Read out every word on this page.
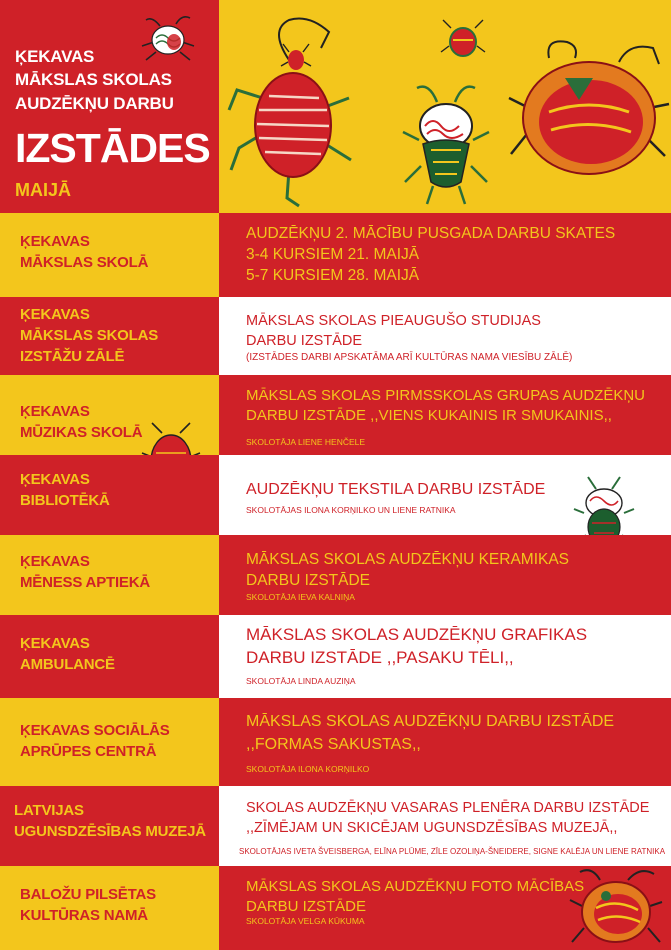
ĶEKAVAS
MĀKSLAS SKOLAS
AUDZĒKŅU DARBU
IZSTĀDES
MAIJĀ
ĶEKAVAS
MĀKSLAS SKOLĀ
AUDZĒKŅU 2. MĀCĪBU PUSGADA DARBU SKATES
3-4 KURSIEM 21. MAIJĀ
5-7 KURSIEM 28. MAIJĀ
ĶEKAVAS
MĀKSLAS SKOLAS
IZSTĀŽU ZĀLĒ
MĀKSLAS SKOLAS PIEAUGUŠO STUDIJAS
DARBU IZSTĀDE
(IZSTĀDES DARBI APSKATĀMA ARĪ KULTŪRAS NAMA VIESĪBU ZĀLĒ)
ĶEKAVAS
MŪZIKAS SKOLĀ
MĀKSLAS SKOLAS PIRMSSKOLAS GRUPAS AUDZĒKŅU
DARBU IZSTĀDE ,,VIENS KUKAINIS IR SMUKAINIS,,
SKOLOTĀJA LIENE HENČELE
ĶEKAVAS
BIBLIOTĒKĀ
AUDZĒKŅU TEKSTILA DARBU IZSTĀDE
SKOLOTĀJAS ILONA KORŅILKO UN LIENE RATNIKA
ĶEKAVAS
MĒNESS APTIEKĀ
MĀKSLAS SKOLAS AUDZĒKŅU KERAMIKAS
DARBU IZSTĀDE
SKOLOTĀJA IEVA KALNIŅA
ĶEKAVAS
AMBULANCĒ
MĀKSLAS SKOLAS AUDZĒKŅU GRAFIKAS
DARBU IZSTĀDE ,,PASAKU TĒLI,,
SKOLOTĀJA LINDA AUZIŅA
ĶEKAVAS SOCIĀLĀS
APRŪPES CENTRĀ
MĀKSLAS SKOLAS AUDZĒKŅU DARBU IZSTĀDE
,,FORMAS SAKUSTAS,,
SKOLOTĀJA ILONA KORŅILKO
LATVIJAS
UGUNSDZĒSĪBAS MUZEJĀ
SKOLAS AUDZĒKŅU VASARAS PLENĒRA DARBU IZSTĀDE
,,ZĪMĒJAM UN SKICĒJAM UGUNSDZĒSĪBAS MUZEJĀ,,
SKOLOTĀJAS IVETA ŠVEISBERGA, ELĪNA PLŪME, ZĪLE OZOLIŅA-ŠNEIDERE, SIGNE KALĒJA UN LIENE RATNIKA
BALOŽU PILSĒTAS
KULTŪRAS NAMĀ
MĀKSLAS SKOLAS AUDZĒKŅU FOTO MĀCĪBAS
DARBU IZSTĀDE
SKOLOTĀJA VELGA KŪKUMA
